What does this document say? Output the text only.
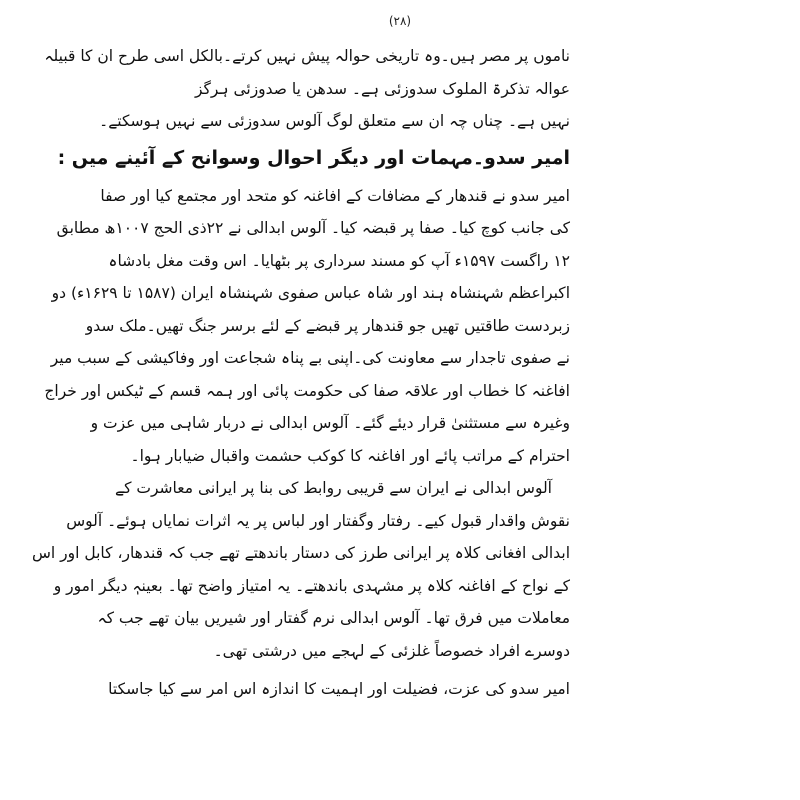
(۲۸)
ناموں پر مصر ہیں۔وہ تاریخی حوالہ پیش نہیں کرتے۔بالکل اسی طرح ان کا قبیلہ
عوالہ تذکرۃ الملوک سدوزئی ہے۔ سدھن یا صدوزئی ہرگز
نہیں ہے۔ چناں چہ ان سے متعلق لوگ آلوس سدوزئی سے نہیں ہوسکتے۔
امیر سدو۔مہمات اور دیگر احوال وسوانح کے آئینے میں :
امیر سدو نے قندھار کے مضافات کے افاغنہ کو متحد اور مجتمع کیا اور صفا
کی جانب کوچ کیا۔ صفا پر قبضہ کیا۔ آلوس ابدالی نے ۲۲ذی الحج ۱۰۰۷ھ مطابق
۱۲ راگست ۱۵۹۷ء آپ کو مسند سرداری پر بٹھایا۔ اس وقت مغل بادشاہ
اکبراعظم شہنشاہ ہند اور شاہ عباس صفوی شہنشاہ ایران (۱۵۸۷ تا ۱۶۲۹ء) دو
زبردست طاقتیں تھیں جو قندھار پر قبضے کے لئے برسر جنگ تھیں۔ملک سدو
نے صفوی تاجدار سے معاونت کی۔اپنی بے پناہ شجاعت اور وفاکیشی کے سبب میر
افاغنہ کا خطاب اور علاقہ صفا کی حکومت پائی اور ہمہ قسم کے ٹیکس اور خراج
وغیرہ سے مستثنیٰ قرار دیئے گئے۔ آلوس ابدالی نے دربار شاہی میں عزت و
احترام کے مراتب پائے اور افاغنہ کا کوکب حشمت واقبال ضیابار ہوا۔
آلوس ابدالی نے ایران سے قریبی روابط کی بنا پر ایرانی معاشرت کے
نقوش واقدار قبول کیے۔ رفتار وگفتار اور لباس پر یہ اثرات نمایاں ہوئے۔ آلوس
ابدالی افغانی کلاہ پر ایرانی طرز کی دستار باندھتے تھے جب کہ قندھار، کابل اور اس
کے نواح کے افاغنہ کلاہ پر مشہدی باندھتے۔ یہ امتیاز واضح تھا۔ بعینہٖ دیگر امور و
معاملات میں فرق تھا۔ آلوس ابدالی نرم گفتار اور شیریں بیان تھے جب کہ
دوسرے افراد خصوصاً غلزئی کے لہجے میں درشتی تھی۔
امیر سدو کی عزت، فضیلت اور اہمیت کا اندازہ اس امر سے کیا جاسکتا
